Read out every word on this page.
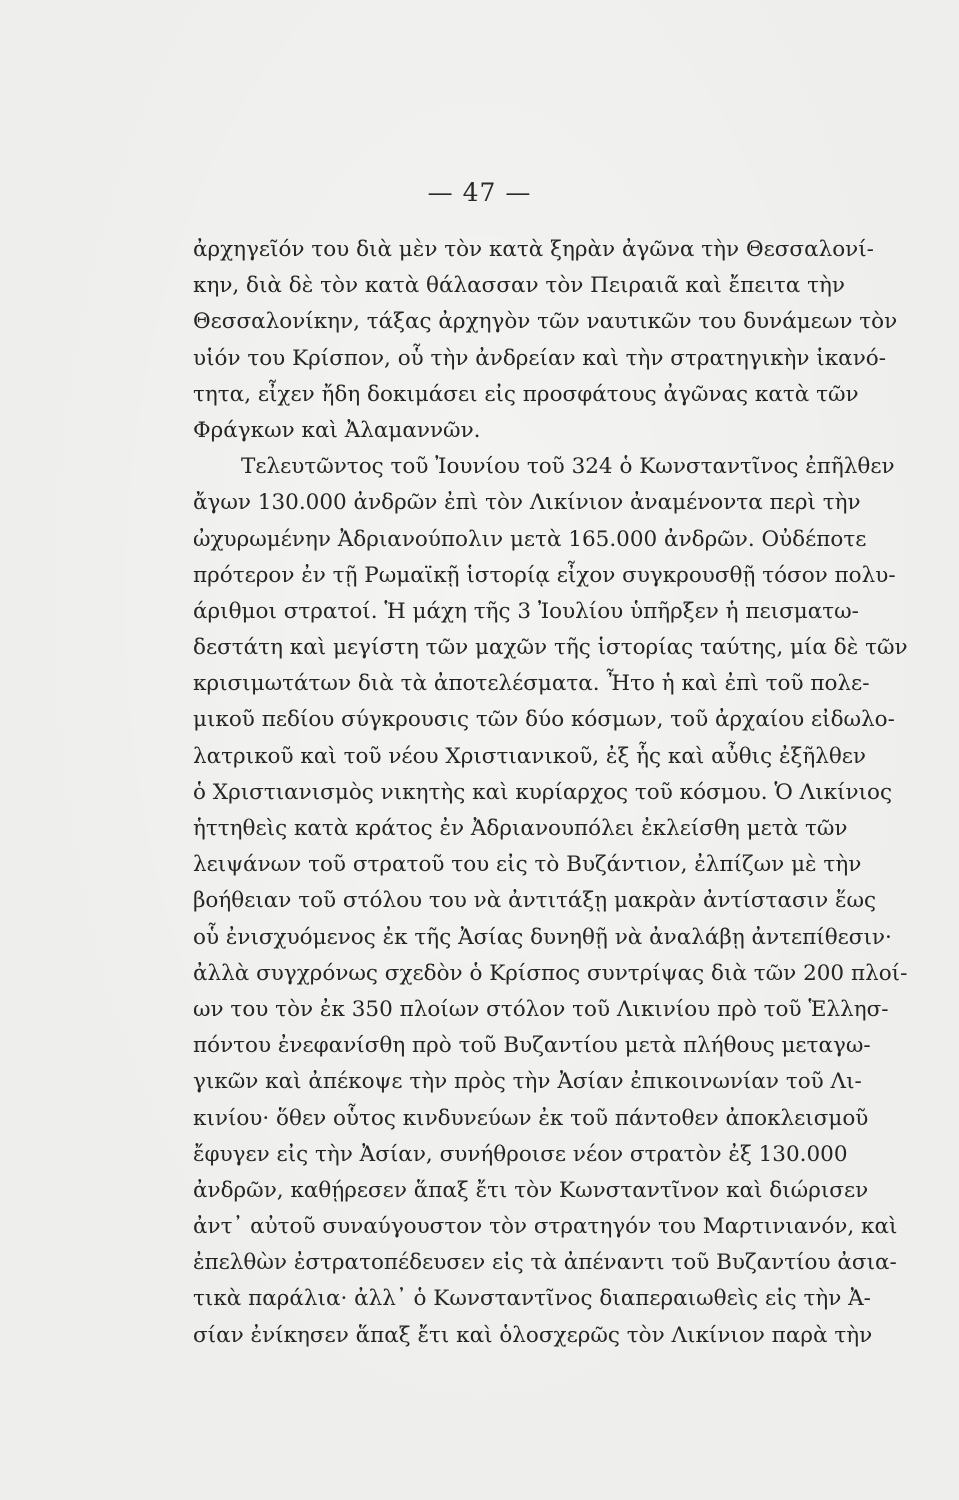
— 47 —
ἀρχηγεῖόν του διὰ μὲν τὸν κατὰ ξηρὰν ἀγῶνα τὴν Θεσσαλονί-
κην, διὰ δὲ τὸν κατὰ θάλασσαν τὸν Πειραιᾶ καὶ ἔπειτα τὴν
Θεσσαλονίκην, τάξας ἀρχηγὸν τῶν ναυτικῶν του δυνάμεων τὸν
υἱόν του Κρίσπον, οὗ τὴν ἀνδρείαν καὶ τὴν στρατηγικὴν ἱκανό-
τητα, εἶχεν ἤδη δοκιμάσει εἰς προσφάτους ἀγῶνας κατὰ τῶν
Φράγκων καὶ Ἀλαμαννῶν.
Τελευτῶντος τοῦ Ἰουνίου τοῦ 324 ὁ Κωνσταντῖνος ἐπῆλθεν
ἄγων 130.000 ἀνδρῶν ἐπὶ τὸν Λικίνιον ἀναμένοντα περὶ τὴν
ὠχυρωμένην Ἀδριανούπολιν μετὰ 165.000 ἀνδρῶν. Οὐδέποτε
πρότερον ἐν τῇ Ρωμαϊκῇ ἱστορίᾳ εἶχον συγκρουσθῇ τόσον πολυ-
άριθμοι στρατοί. Ἡ μάχη τῆς 3 Ἰουλίου ὑπῆρξεν ἡ πεισματω-
δεστάτη καὶ μεγίστη τῶν μαχῶν τῆς ἱστορίας ταύτης, μία δὲ τῶν
κρισιμωτάτων διὰ τὰ ἀποτελέσματα. Ἦτο ἡ καὶ ἐπὶ τοῦ πολε-
μικοῦ πεδίου σύγκρουσις τῶν δύο κόσμων, τοῦ ἀρχαίου εἰδωλο-
λατρικοῦ καὶ τοῦ νέου Χριστιανικοῦ, ἐξ ἧς καὶ αὖθις ἐξῆλθεν
ὁ Χριστιανισμὸς νικητὴς καὶ κυρίαρχος τοῦ κόσμου. Ὁ Λικίνιος
ἡττηθεὶς κατὰ κράτος ἐν Ἀδριανουπόλει ἐκλείσθη μετὰ τῶν
λειψάνων τοῦ στρατοῦ του εἰς τὸ Βυζάντιον, ἐλπίζων μὲ τὴν
βοήθειαν τοῦ στόλου του νὰ ἀντιτάξῃ μακρὰν ἀντίστασιν ἕως
οὗ ἐνισχυόμενος ἐκ τῆς Ἀσίας δυνηθῇ νὰ ἀναλάβῃ ἀντεπίθεσιν·
ἀλλὰ συγχρόνως σχεδὸν ὁ Κρίσπος συντρίψας διὰ τῶν 200 πλοί-
ων του τὸν ἐκ 350 πλοίων στόλον τοῦ Λικινίου πρὸ τοῦ Ἑλλησ-
πόντου ἐνεφανίσθη πρὸ τοῦ Βυζαντίου μετὰ πλήθους μεταγω-
γικῶν καὶ ἀπέκοψε τὴν πρὸς τὴν Ἀσίαν ἐπικοινωνίαν τοῦ Λι-
κινίου· ὅθεν οὗτος κινδυνεύων ἐκ τοῦ πάντοθεν ἀποκλεισμοῦ
ἔφυγεν εἰς τὴν Ἀσίαν, συνήθροισε νέον στρατὸν ἐξ 130.000
ἀνδρῶν, καθῄρεσεν ἅπαξ ἔτι τὸν Κωνσταντῖνον καὶ διώρισεν
ἀντ᾽ αὐτοῦ συναύγουστον τὸν στρατηγόν του Μαρτινιανόν, καὶ
ἐπελθὼν ἐστρατοπέδευσεν εἰς τὰ ἀπέναντι τοῦ Βυζαντίου ἀσια-
τικὰ παράλια· ἀλλ᾽ ὁ Κωνσταντῖνος διαπεραιωθεὶς εἰς τὴν Ἀ-
σίαν ἐνίκησεν ἅπαξ ἔτι καὶ ὁλοσχερῶς τὸν Λικίνιον παρὰ τὴν
